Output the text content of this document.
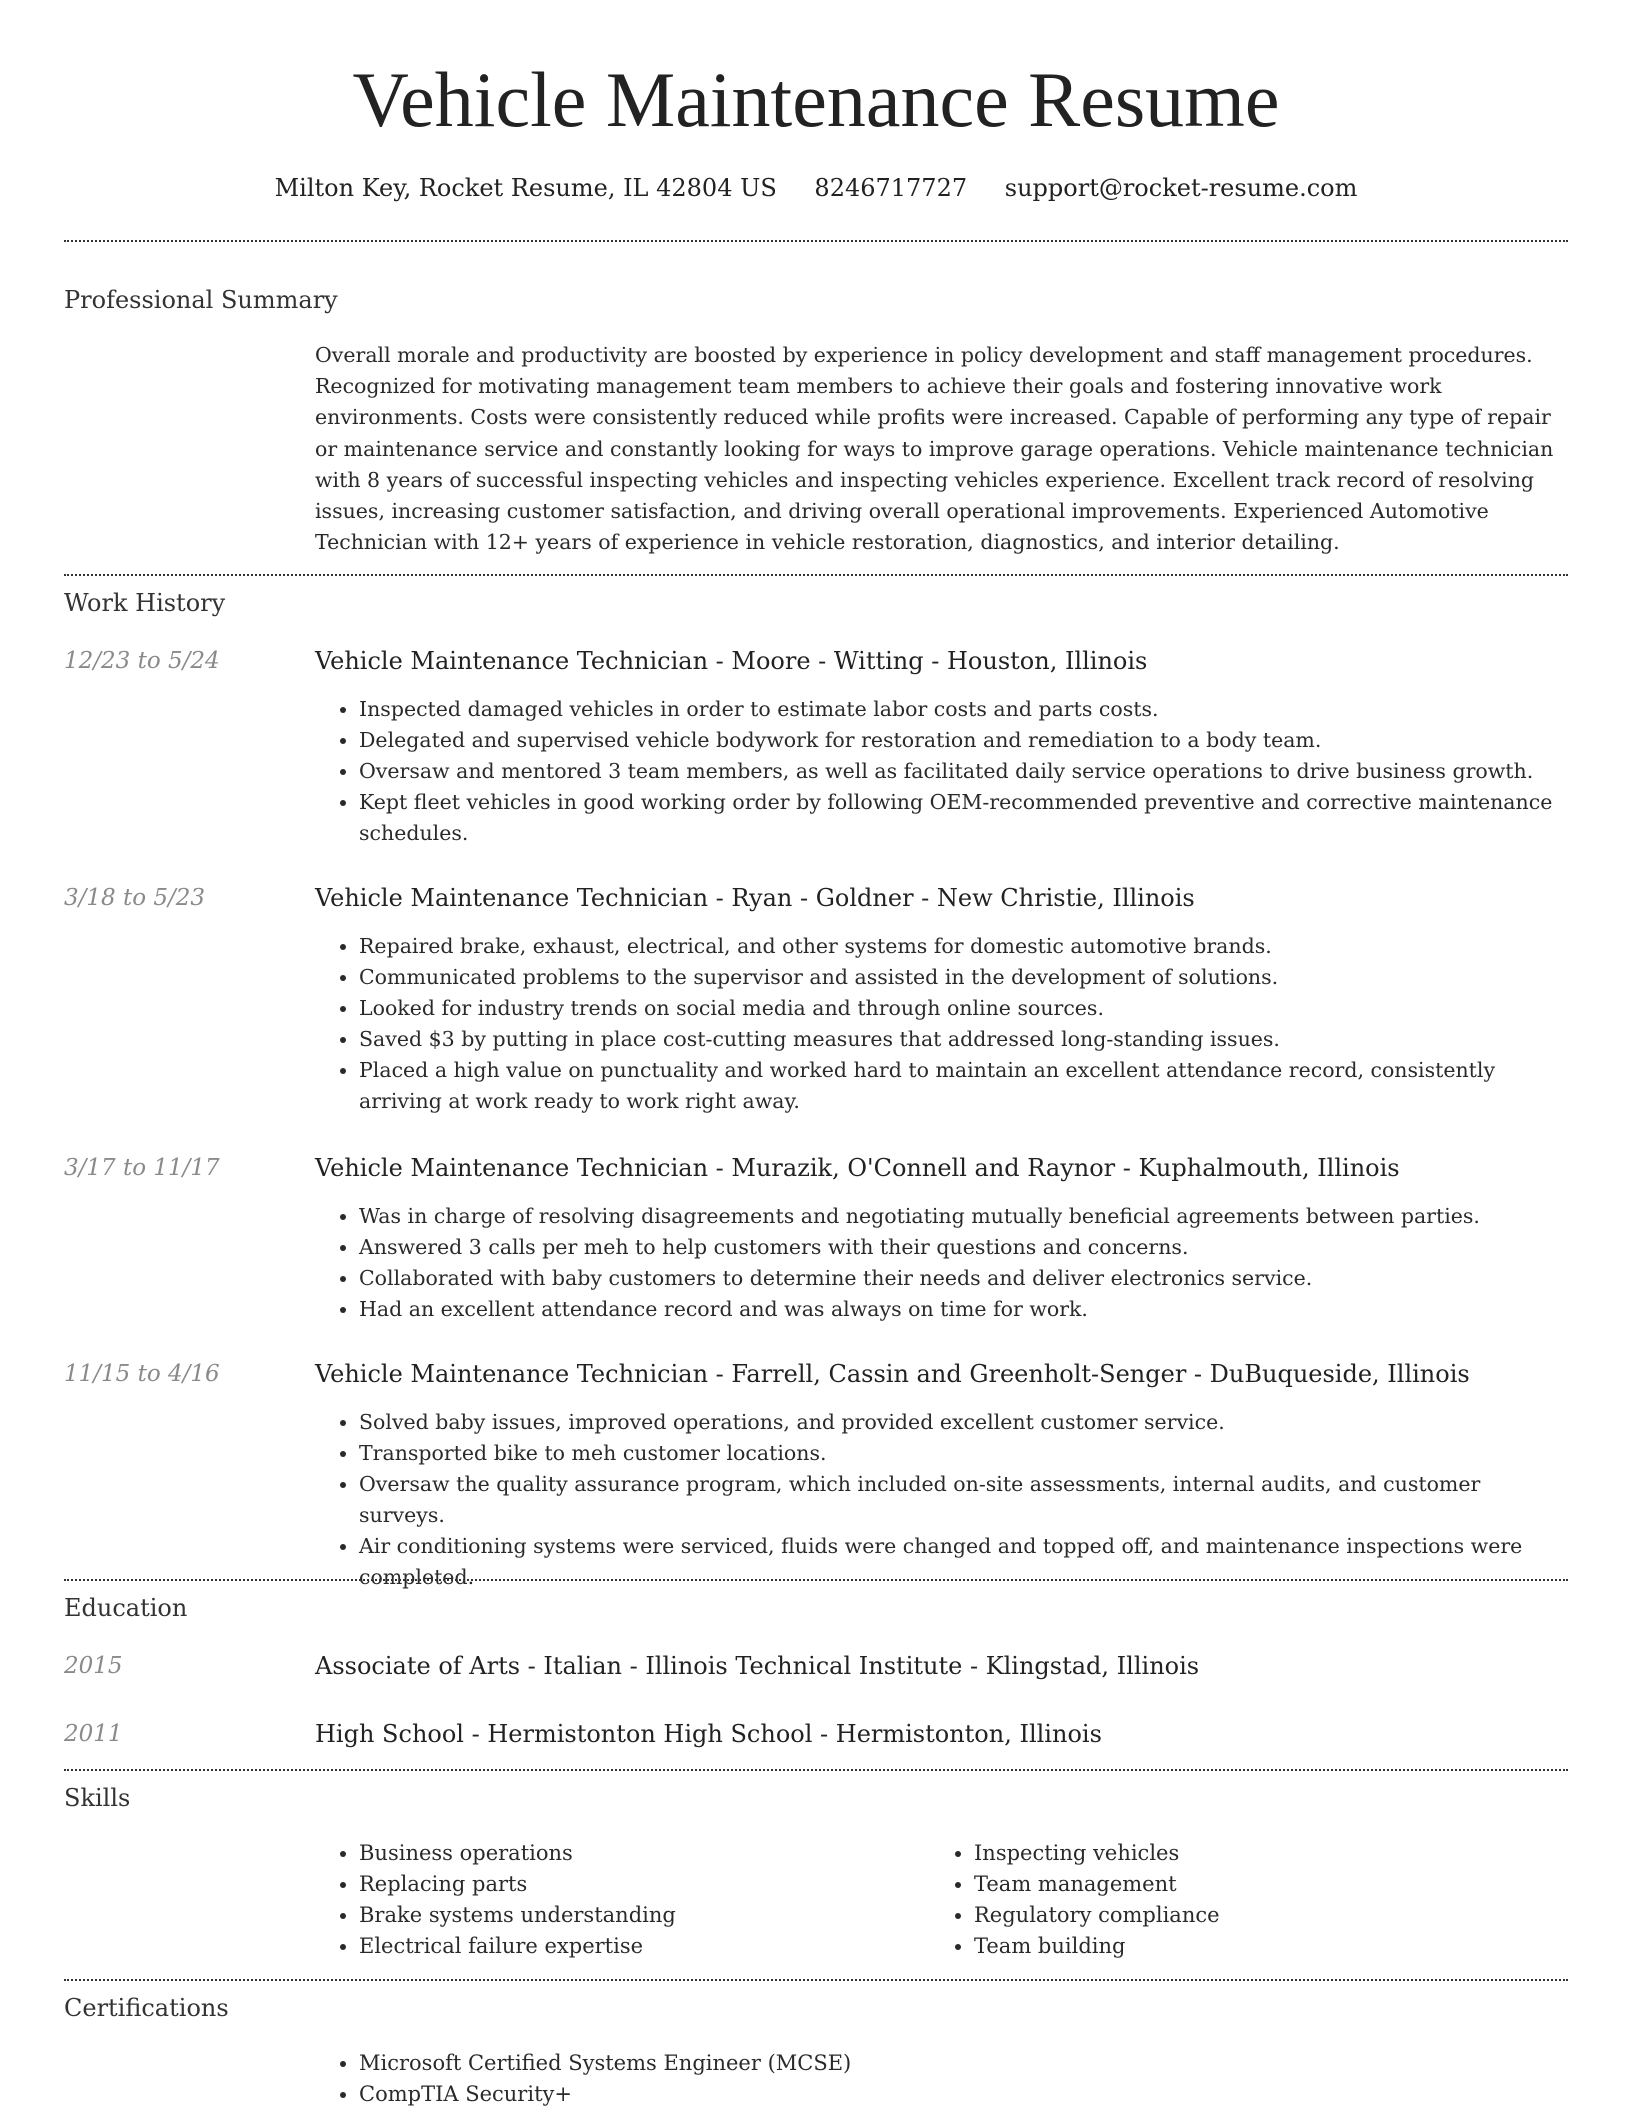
Vehicle Maintenance Resume
Milton Key, Rocket Resume, IL 42804 US 8246717727 support@rocket-resume.com
Professional Summary
Overall morale and productivity are boosted by experience in policy development and staff management procedures. Recognized for motivating management team members to achieve their goals and fostering innovative work environments. Costs were consistently reduced while profits were increased. Capable of performing any type of repair or maintenance service and constantly looking for ways to improve garage operations. Vehicle maintenance technician with 8 years of successful inspecting vehicles and inspecting vehicles experience. Excellent track record of resolving issues, increasing customer satisfaction, and driving overall operational improvements. Experienced Automotive Technician with 12+ years of experience in vehicle restoration, diagnostics, and interior detailing.
Work History
12/23 to 5/24	Vehicle Maintenance Technician - Moore - Witting - Houston, Illinois
• Inspected damaged vehicles in order to estimate labor costs and parts costs.
• Delegated and supervised vehicle bodywork for restoration and remediation to a body team.
• Oversaw and mentored 3 team members, as well as facilitated daily service operations to drive business growth.
• Kept fleet vehicles in good working order by following OEM-recommended preventive and corrective maintenance schedules.
3/18 to 5/23	Vehicle Maintenance Technician - Ryan - Goldner - New Christie, Illinois
• Repaired brake, exhaust, electrical, and other systems for domestic automotive brands.
• Communicated problems to the supervisor and assisted in the development of solutions.
• Looked for industry trends on social media and through online sources.
• Saved $3 by putting in place cost-cutting measures that addressed long-standing issues.
• Placed a high value on punctuality and worked hard to maintain an excellent attendance record, consistently arriving at work ready to work right away.
3/17 to 11/17	Vehicle Maintenance Technician - Murazik, O'Connell and Raynor - Kuphalmouth, Illinois
• Was in charge of resolving disagreements and negotiating mutually beneficial agreements between parties.
• Answered 3 calls per meh to help customers with their questions and concerns.
• Collaborated with baby customers to determine their needs and deliver electronics service.
• Had an excellent attendance record and was always on time for work.
11/15 to 4/16	Vehicle Maintenance Technician - Farrell, Cassin and Greenholt-Senger - DuBuqueside, Illinois
• Solved baby issues, improved operations, and provided excellent customer service.
• Transported bike to meh customer locations.
• Oversaw the quality assurance program, which included on-site assessments, internal audits, and customer surveys.
• Air conditioning systems were serviced, fluids were changed and topped off, and maintenance inspections were completed.
Education
2015	Associate of Arts - Italian - Illinois Technical Institute - Klingstad, Illinois
2011	High School - Hermistonton High School - Hermistonton, Illinois
Skills
• Business operations
• Replacing parts
• Brake systems understanding
• Electrical failure expertise
• Inspecting vehicles
• Team management
• Regulatory compliance
• Team building
Certifications
• Microsoft Certified Systems Engineer (MCSE)
• CompTIA Security+
